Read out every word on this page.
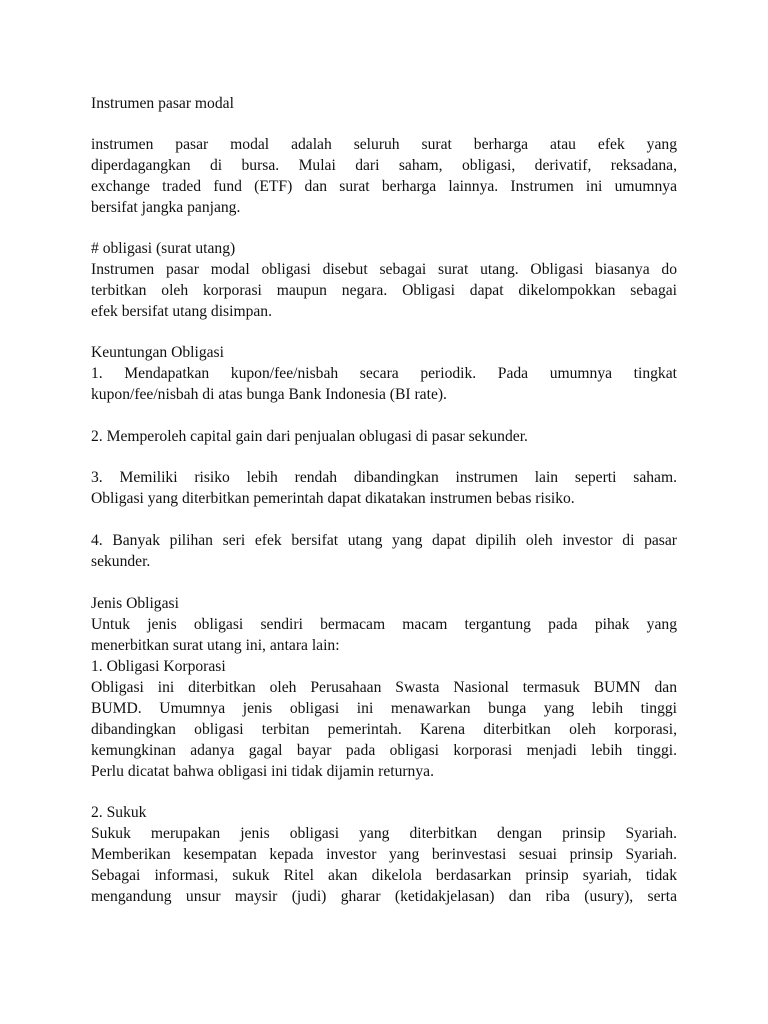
Instrumen pasar modal
instrumen pasar modal adalah seluruh surat berharga atau efek yang
diperdagangkan di bursa. Mulai dari saham, obligasi, derivatif, reksadana,
exchange traded fund (ETF) dan surat berharga lainnya. Instrumen ini umumnya
bersifat jangka panjang.
# obligasi (surat utang)
Instrumen pasar modal obligasi disebut sebagai surat utang. Obligasi biasanya do
terbitkan oleh korporasi maupun negara. Obligasi dapat dikelompokkan sebagai
efek bersifat utang disimpan.
Keuntungan Obligasi
1. Mendapatkan kupon/fee/nisbah secara periodik. Pada umumnya tingkat
kupon/fee/nisbah di atas bunga Bank Indonesia (BI rate).
2. Memperoleh capital gain dari penjualan oblugasi di pasar sekunder.
3. Memiliki risiko lebih rendah dibandingkan instrumen lain seperti saham.
Obligasi yang diterbitkan pemerintah dapat dikatakan instrumen bebas risiko.
4. Banyak pilihan seri efek bersifat utang yang dapat dipilih oleh investor di pasar
sekunder.
Jenis Obligasi
Untuk jenis obligasi sendiri bermacam macam tergantung pada pihak yang
menerbitkan surat utang ini, antara lain:
1. Obligasi Korporasi
Obligasi ini diterbitkan oleh Perusahaan Swasta Nasional termasuk BUMN dan
BUMD. Umumnya jenis obligasi ini menawarkan bunga yang lebih tinggi
dibandingkan obligasi terbitan pemerintah. Karena diterbitkan oleh korporasi,
kemungkinan adanya gagal bayar pada obligasi korporasi menjadi lebih tinggi.
Perlu dicatat bahwa obligasi ini tidak dijamin returnya.
2. Sukuk
Sukuk merupakan jenis obligasi yang diterbitkan dengan prinsip Syariah.
Memberikan kesempatan kepada investor yang berinvestasi sesuai prinsip Syariah.
Sebagai informasi, sukuk Ritel akan dikelola berdasarkan prinsip syariah, tidak
mengandung unsur maysir (judi) gharar (ketidakjelasan) dan riba (usury), serta
